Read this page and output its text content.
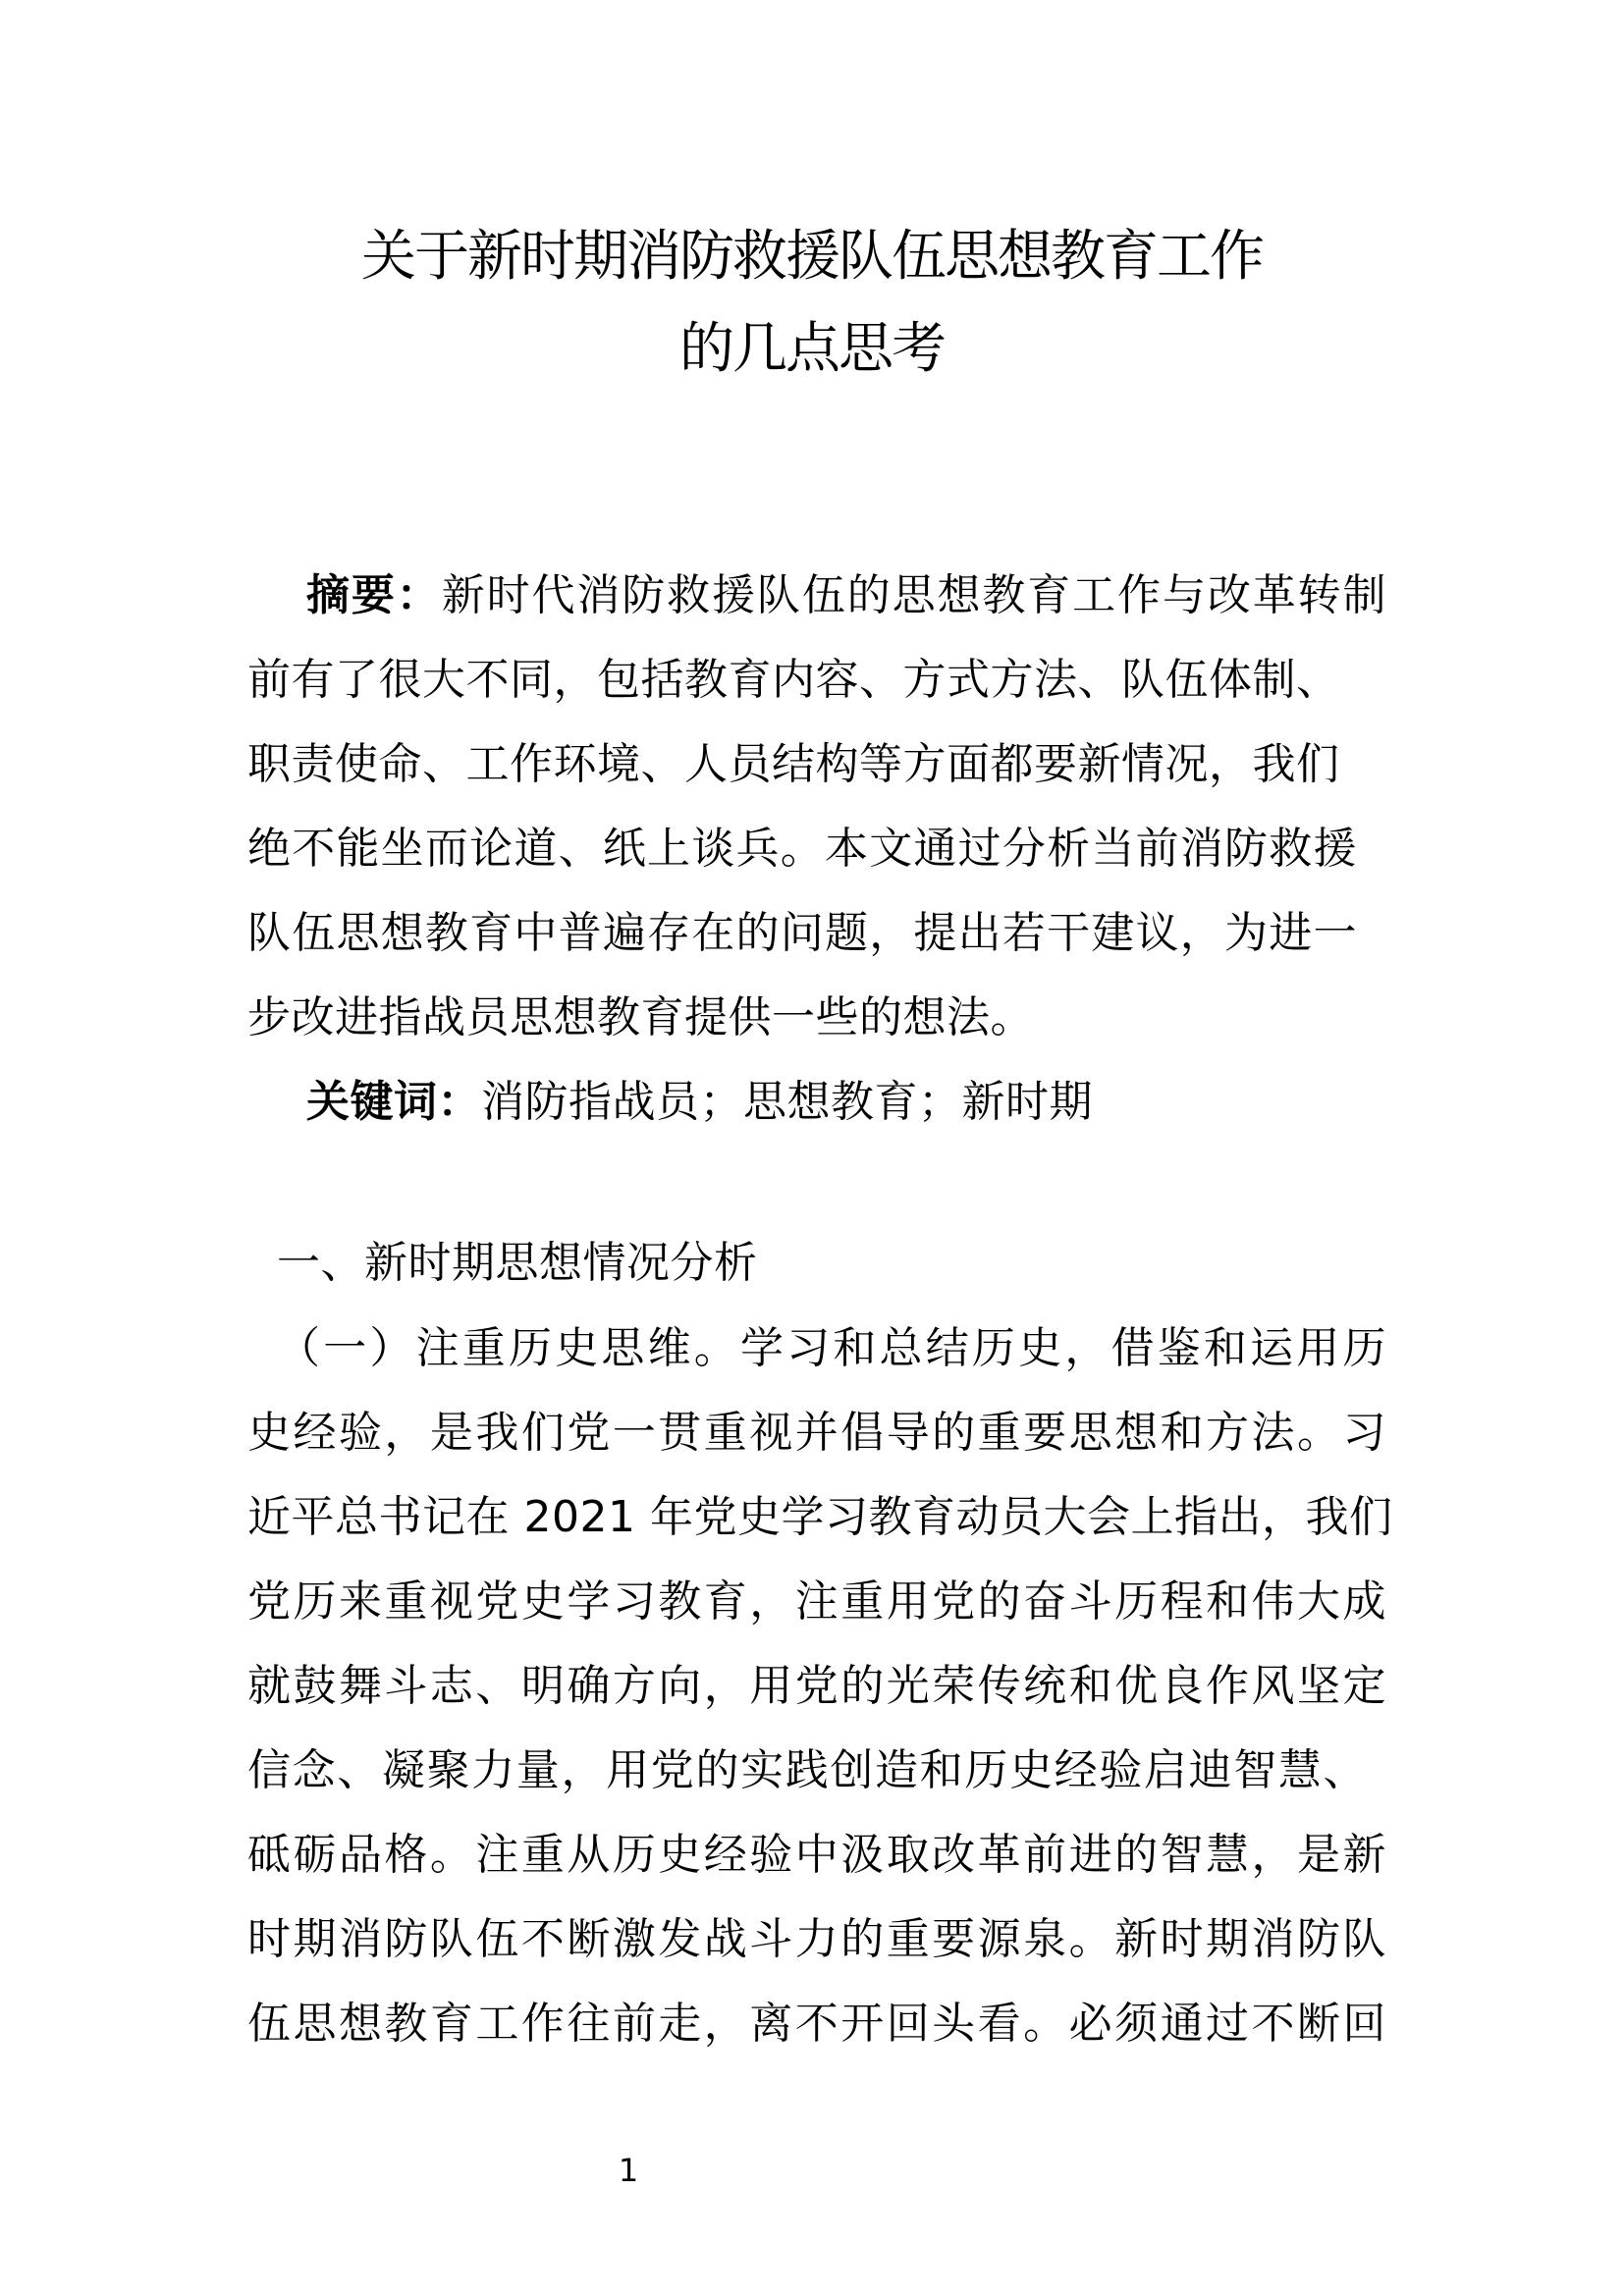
关于新时期消防救援队伍思想教育工作
的几点思考
摘要：新时代消防救援队伍的思想教育工作与改革转制
前有了很大不同，包括教育内容、方式方法、队伍体制、
职责使命、工作环境、人员结构等方面都要新情况，我们
绝不能坐而论道、纸上谈兵。本文通过分析当前消防救援
队伍思想教育中普遍存在的问题，提出若干建议，为进一
步改进指战员思想教育提供一些的想法。
关键词：消防指战员；思想教育；新时期
一、新时期思想情况分析
（一）注重历史思维。学习和总结历史，借鉴和运用历
史经验，是我们党一贯重视并倡导的重要思想和方法。习
近平总书记在 2021 年党史学习教育动员大会上指出，我们
党历来重视党史学习教育，注重用党的奋斗历程和伟大成
就鼓舞斗志、明确方向，用党的光荣传统和优良作风坚定
信念、凝聚力量，用党的实践创造和历史经验启迪智慧、
砥砺品格。注重从历史经验中汲取改革前进的智慧，是新
时期消防队伍不断激发战斗力的重要源泉。新时期消防队
伍思想教育工作往前走，离不开回头看。必须通过不断回
1
